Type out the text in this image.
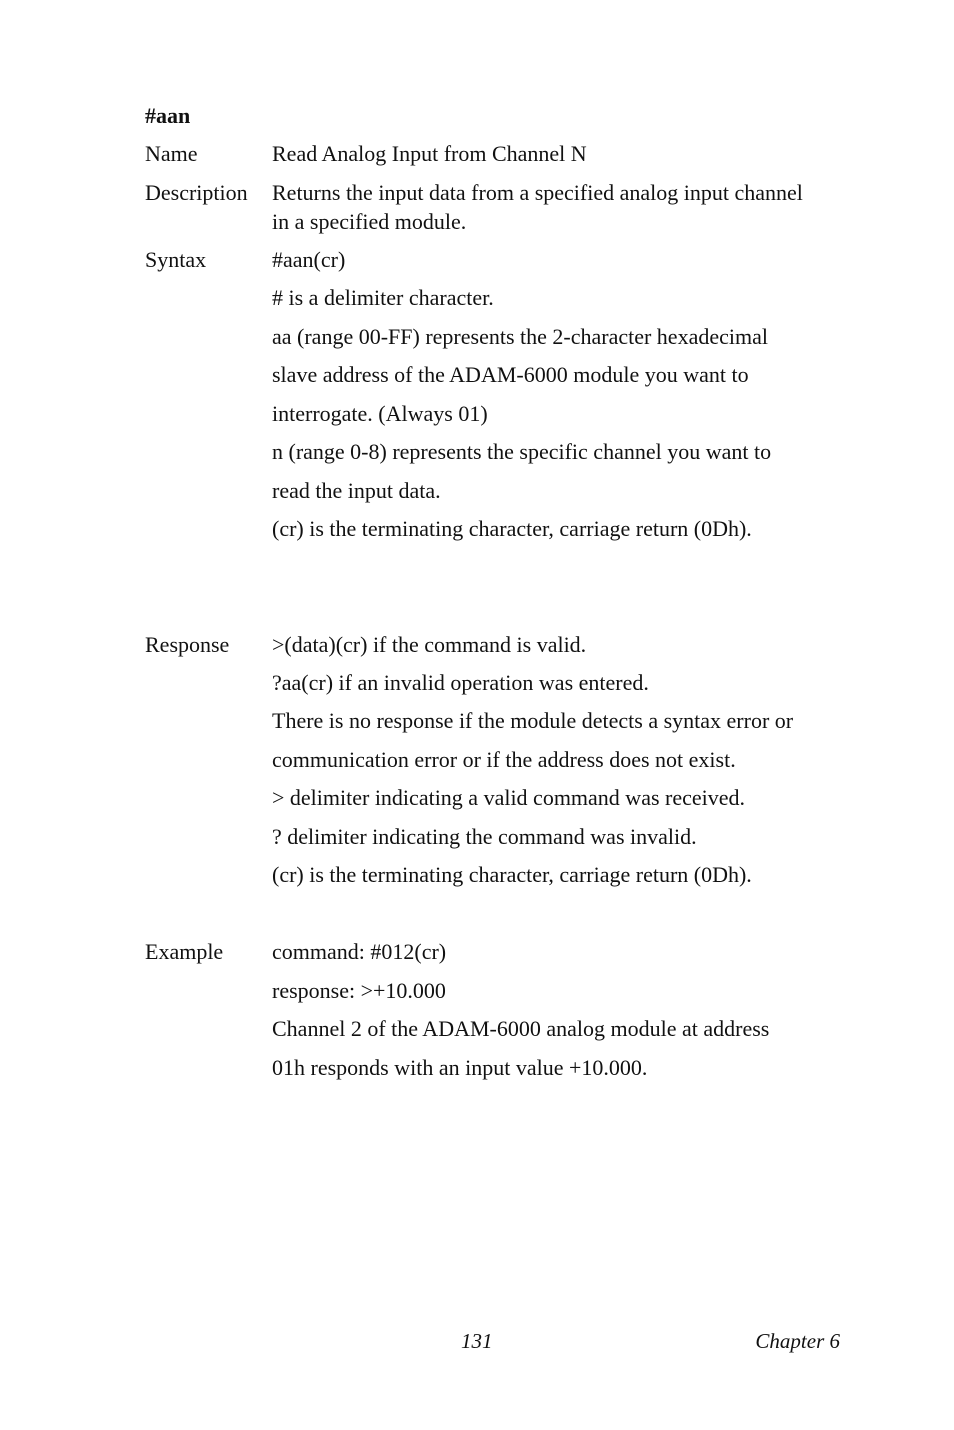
#aan
Name	Read Analog Input from Channel N
Description Returns the input data from a specified analog input channel
in a specified module.
Syntax	#aan(cr)
# is a delimiter character.
aa (range 00-FF) represents the 2-character hexadecimal
slave address of the ADAM-6000 module you want to
interrogate. (Always 01)
n (range 0-8) represents the specific channel you want to
read the input data.
(cr) is the terminating character, carriage return (0Dh).
Response >(data)(cr) if the command is valid.
?aa(cr) if an invalid operation was entered.
There is no response if the module detects a syntax error or
communication error or if the address does not exist.
> delimiter indicating a valid command was received.
? delimiter indicating the command was invalid.
(cr) is the terminating character, carriage return (0Dh).
Example command: #012(cr)
response: >+10.000
Channel 2 of the ADAM-6000 analog module at address
01h responds with an input value +10.000.
131	Chapter 6
